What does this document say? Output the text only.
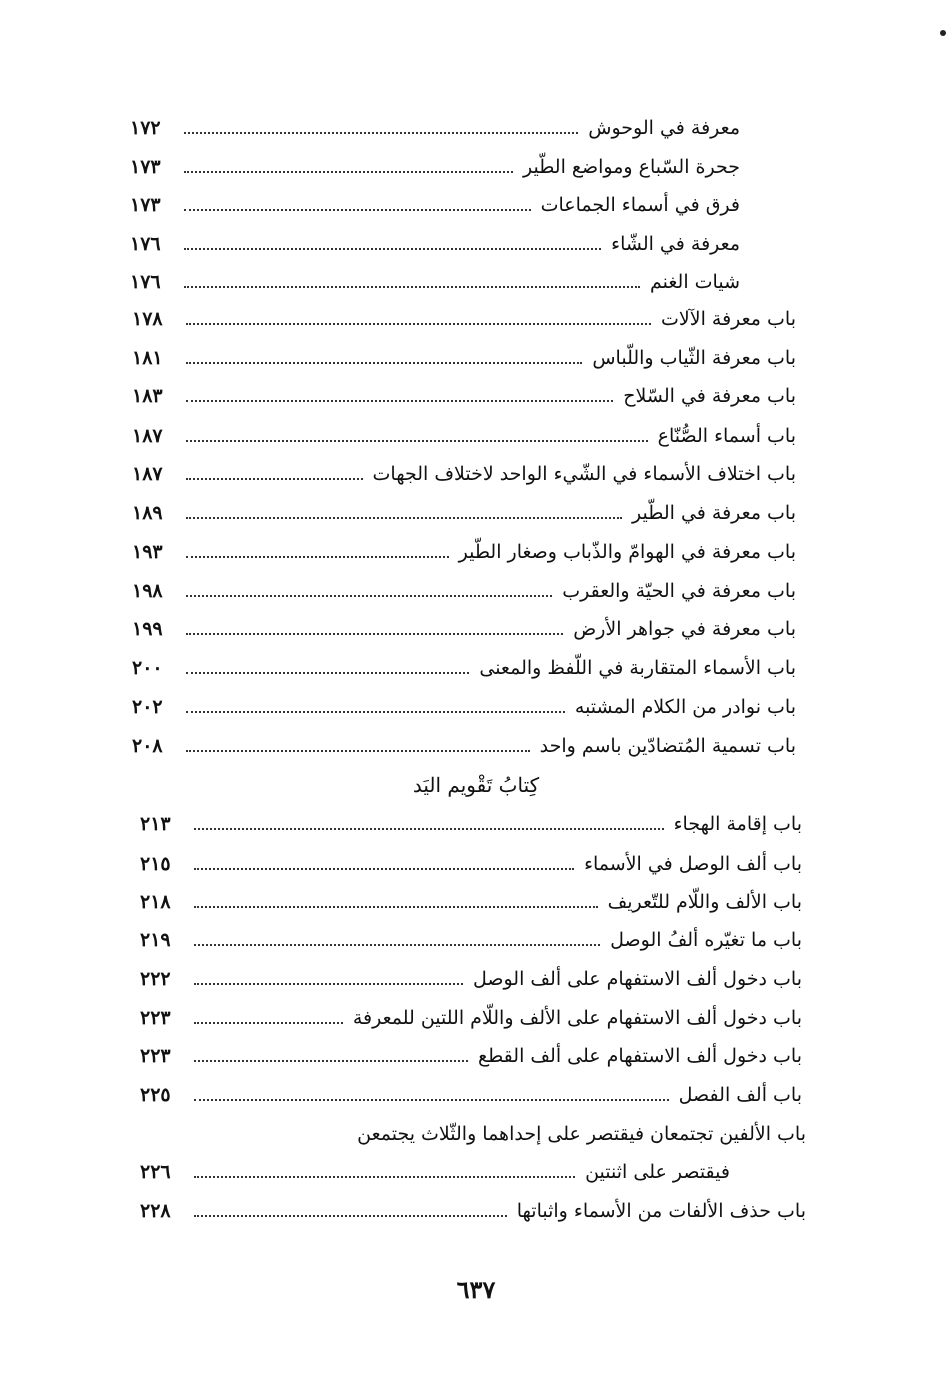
معرفة في الوحوش
١٧٢
جحرة السّباع ومواضع الطّير
١٧٣
فرق في أسماء الجماعات
١٧٣
معرفة في الشّاء
١٧٦
شيات الغنم
١٧٦
باب معرفة الآلات
١٧٨
باب معرفة الثّياب واللّباس
١٨١
باب معرفة في السّلاح
١٨٣
باب أسماء الصُّنّاع
١٨٧
باب اختلاف الأسماء في الشّيء الواحد لاختلاف الجهات
١٨٧
باب معرفة في الطّير
١٨٩
باب معرفة في الهوامّ والذّباب وصغار الطّير
١٩٣
باب معرفة في الحيّة والعقرب
١٩٨
باب معرفة في جواهر الأرض
١٩٩
باب الأسماء المتقاربة في اللّفظ والمعنى
٢٠٠
باب نوادر من الكلام المشتبه
٢٠٢
باب تسمية المُتضادّين باسم واحد
٢٠٨
كِتابُ تَقْويم اليَد
باب إقامة الهجاء
٢١٣
باب ألف الوصل في الأسماء
٢١٥
باب الألف واللّام للتّعريف
٢١٨
باب ما تغيّره ألفُ الوصل
٢١٩
باب دخول ألف الاستفهام على ألف الوصل
٢٢٢
باب دخول ألف الاستفهام على الألف واللّام اللتين للمعرفة
٢٢٣
باب دخول ألف الاستفهام على ألف القطع
٢٢٣
باب ألف الفصل
٢٢٥
باب الألفين تجتمعان فيقتصر على إحداهما والثّلاث يجتمعن
فيقتصر على اثنتين
٢٢٦
باب حذف الألفات من الأسماء واثباتها
٢٢٨
٦٣٧
